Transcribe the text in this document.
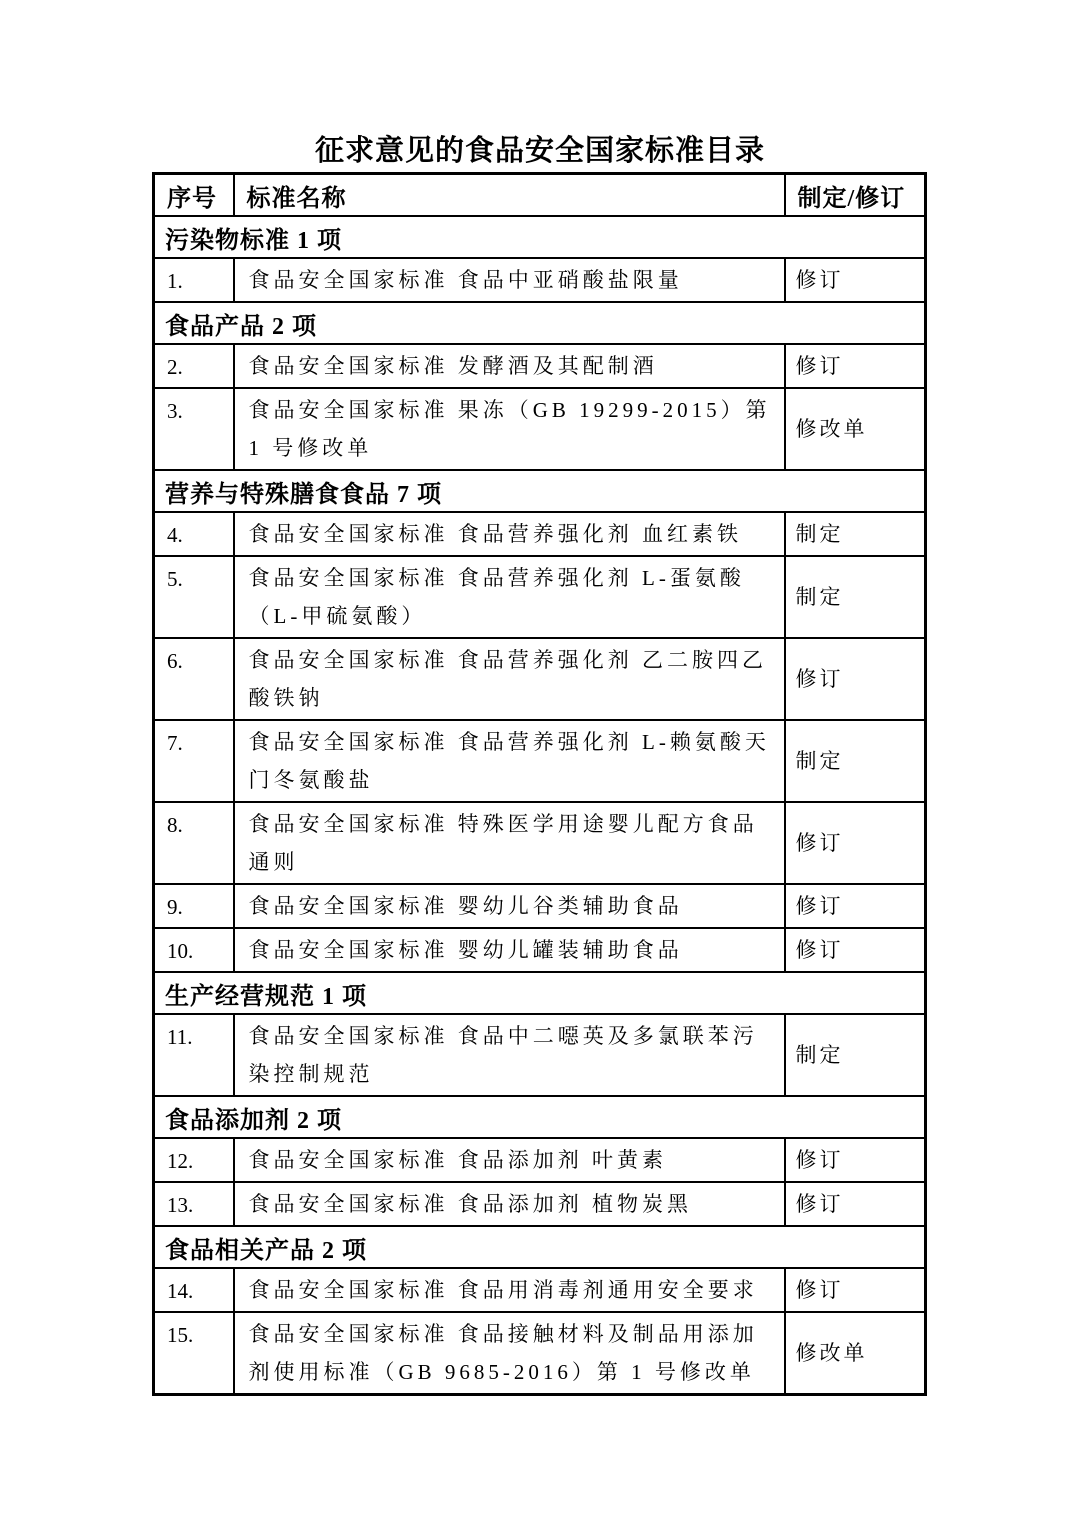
征求意见的食品安全国家标准目录
序号	标准名称	制定/修订
污染物标准 1 项		
1.	食品安全国家标准 食品中亚硝酸盐限量	修订
食品产品 2 项		
2.	食品安全国家标准 发酵酒及其配制酒	修订
3.	食品安全国家标准 果冻（GB 19299-2015）第 1 号修改单	修改单
营养与特殊膳食食品 7 项		
4.	食品安全国家标准 食品营养强化剂 血红素铁	制定
5.	食品安全国家标准 食品营养强化剂 L-蛋氨酸（L-甲硫氨酸）	制定
6.	食品安全国家标准 食品营养强化剂 乙二胺四乙酸铁钠	修订
7.	食品安全国家标准 食品营养强化剂 L-赖氨酸天门冬氨酸盐	制定
8.	食品安全国家标准 特殊医学用途婴儿配方食品通则	修订
9.	食品安全国家标准 婴幼儿谷类辅助食品	修订
10.	食品安全国家标准 婴幼儿罐装辅助食品	修订
生产经营规范 1 项		
11.	食品安全国家标准 食品中二噁英及多氯联苯污染控制规范	制定
食品添加剂 2 项		
12.	食品安全国家标准 食品添加剂 叶黄素	修订
13.	食品安全国家标准 食品添加剂 植物炭黑	修订
食品相关产品 2 项		
14.	食品安全国家标准 食品用消毒剂通用安全要求	修订
15.	食品安全国家标准 食品接触材料及制品用添加剂使用标准（GB 9685-2016）第 1 号修改单	修改单
